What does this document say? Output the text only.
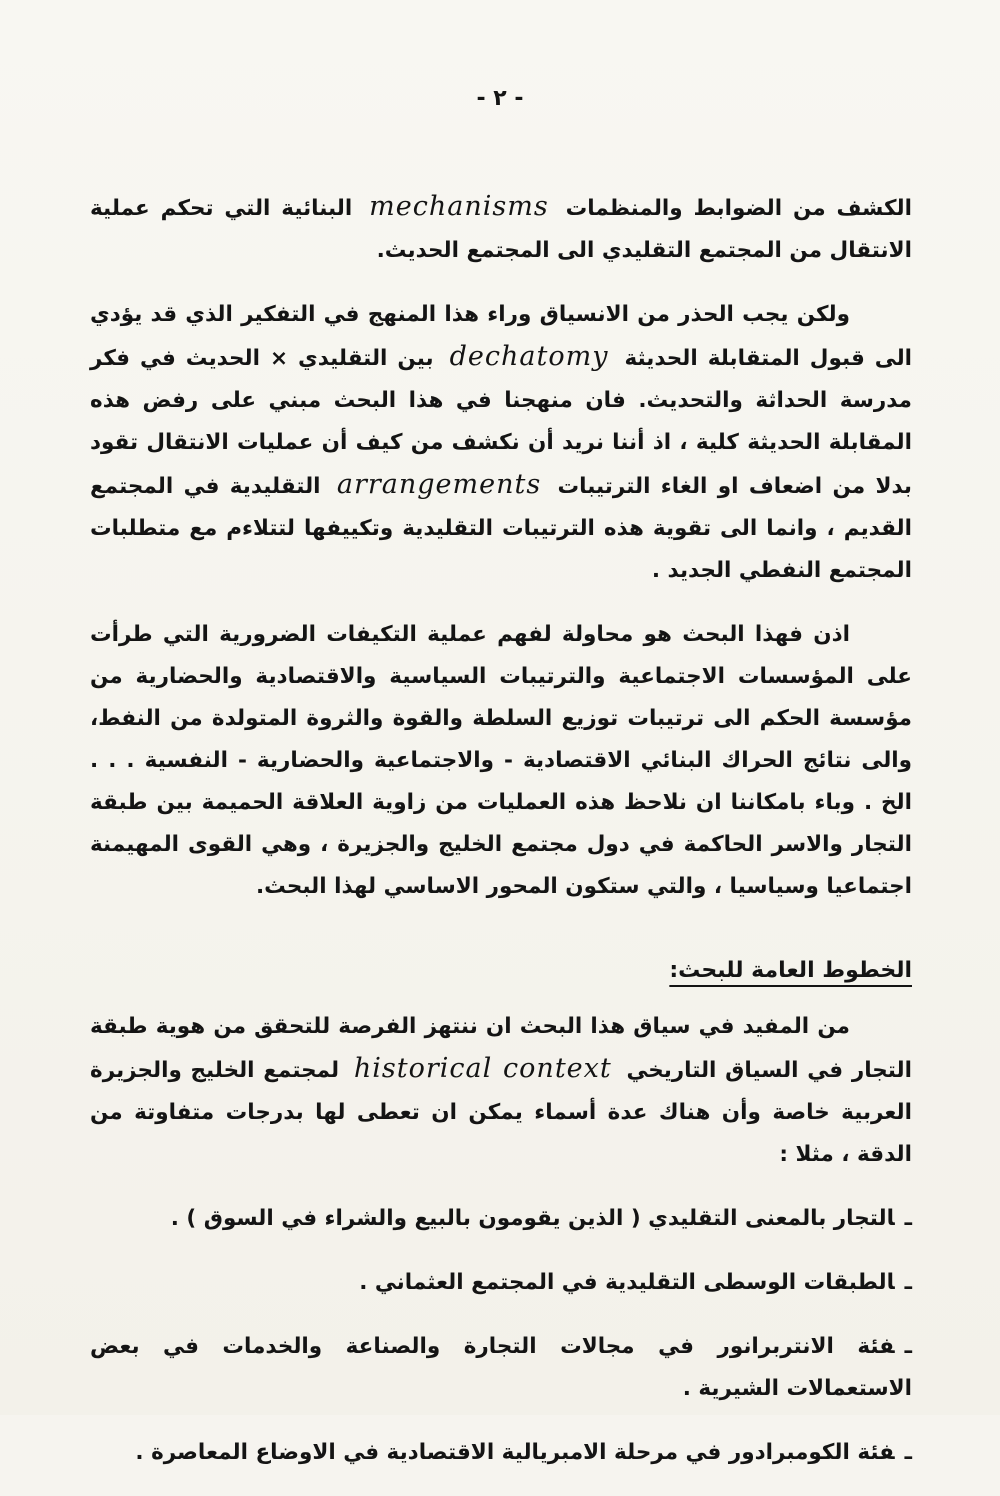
- ٢ -

الكشف من الضوابط والمنظمات mechanisms البنائية التي تحكم عملية الانتقال من المجتمع التقليدي الى المجتمع الحديث.

ولكن يجب الحذر من الانسياق وراء هذا المنهج في التفكير الذي قد يؤدي الى قبول المتقابلة الحديثة dechatomy بين التقليدي × الحديث في فكر مدرسة الحداثة والتحديث. فان منهجنا في هذا البحث مبني على رفض هذه المقابلة الحديثة كلية ، اذ أننا نريد أن نكشف من كيف أن عمليات الانتقال تقود بدلا من اضعاف او الغاء الترتيبات arrangements التقليدية في المجتمع القديم ، وانما الى تقوية هذه الترتيبات التقليدية وتكييفها لتتلاءم مع متطلبات المجتمع النفطي الجديد .

اذن فهذا البحث هو محاولة لفهم عملية التكيفات الضرورية التي طرأت على المؤسسات الاجتماعية والترتيبات السياسية والاقتصادية والحضارية من مؤسسة الحكم الى ترتيبات توزيع السلطة والقوة والثروة المتولدة من النفط، والى نتائج الحراك البنائي الاقتصادية - والاجتماعية والحضارية - النفسية . . . الخ . وباء بامكاننا ان نلاحظ هذه العمليات من زاوية العلاقة الحميمة بين طبقة التجار والاسر الحاكمة في دول مجتمع الخليج والجزيرة ، وهي القوى المهيمنة اجتماعيا وسياسيا ، والتي ستكون المحور الاساسي لهذا البحث.

الخطوط العامة للبحث:

من المفيد في سياق هذا البحث ان ننتهز الفرصة للتحقق من هوية طبقة التجار في السياق التاريخي historical context لمجتمع الخليج والجزيرة العربية خاصة وأن هناك عدة أسماء يمكن ان تعطى لها بدرجات متفاوتة من الدقة ، مثلا :

ـالتجار بالمعنى التقليدي ( الذين يقومون بالبيع والشراء في السوق ) .
ـالطبقات الوسطى التقليدية في المجتمع العثماني .
ـفئة الانتربرانور في مجالات التجارة والصناعة والخدمات في بعض الاستعمالات الشيرية .
ـفئة الكومبرادور في مرحلة الامبريالية الاقتصادية في الاوضاع المعاصرة .
